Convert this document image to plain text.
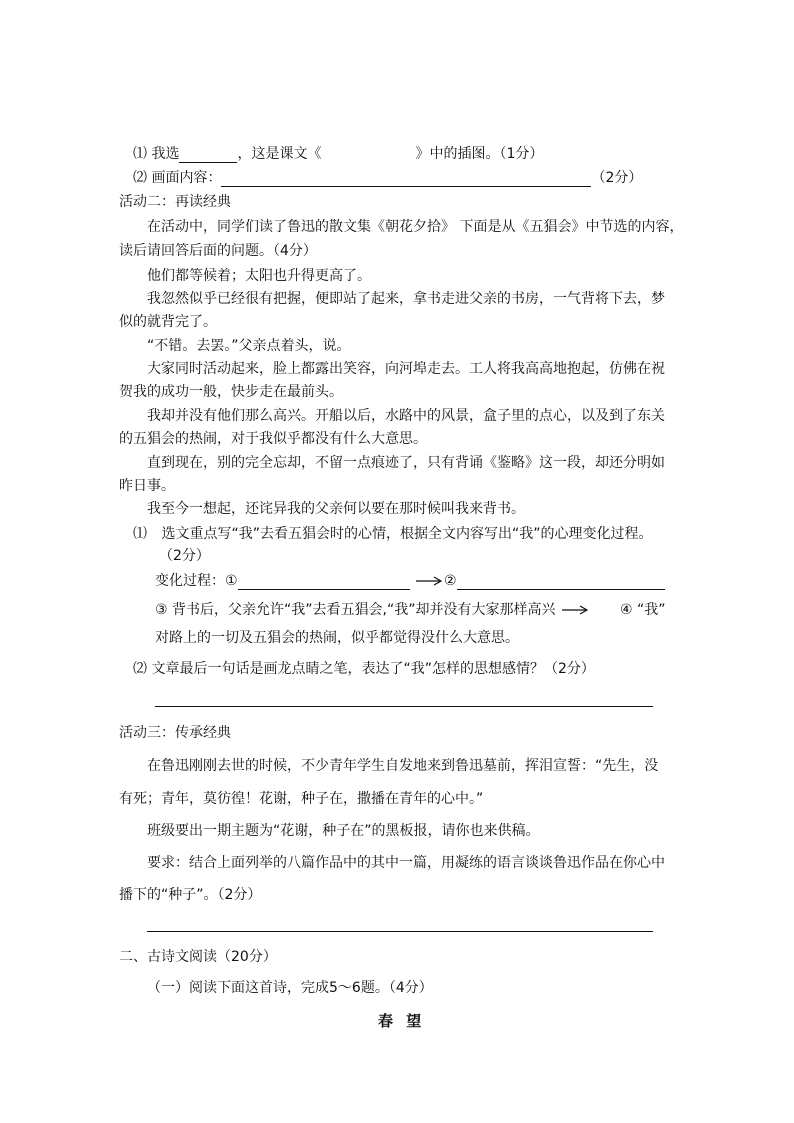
⑴ 我选	，这是课文《	》中的插图。（1分）
⑵ 画面内容：	（2分）
活动二：再读经典
在活动中，同学们读了鲁迅的散文集《朝花夕拾》 下面是从《五猖会》中节选的内容，
读后请回答后面的问题。（4分）
他们都等候着；太阳也升得更高了。
我忽然似乎已经很有把握，便即站了起来，拿书走进父亲的书房，一气背将下去，梦
似的就背完了。
“不错。去罢。”父亲点着头，说。
大家同时活动起来，脸上都露出笑容，向河埠走去。工人将我高高地抱起，仿佛在祝
贺我的成功一般，快步走在最前头。
我却并没有他们那么高兴。开船以后，水路中的风景，盒子里的点心，以及到了东关
的五猖会的热闹，对于我似乎都没有什么大意思。
直到现在，别的完全忘却，不留一点痕迹了，只有背诵《鉴略》这一段，却还分明如
昨日事。
我至今一想起，还诧异我的父亲何以要在那时候叫我来背书。
⑴ 选文重点写“我”去看五猖会时的心情，根据全文内容写出“我”的心理变化过程。
（2分）
变化过程：①	②
③ 背书后，父亲允许“我”去看五猖会,“我”却并没有大家那样高兴	④ “我”
对路上的一切及五猖会的热闹，似乎都觉得没什么大意思。
⑵ 文章最后一句话是画龙点睛之笔，表达了“我”怎样的思想感情？（2分）
活动三：传承经典
在鲁迅刚刚去世的时候，不少青年学生自发地来到鲁迅墓前，挥泪宣誓：“先生，没
有死；青年，莫彷徨！花谢，种子在，撒播在青年的心中。”
班级要出一期主题为“花谢，种子在”的黑板报，请你也来供稿。
要求：结合上面列举的八篇作品中的其中一篇，用凝练的语言谈谈鲁迅作品在你心中
播下的“种子”。（2分）
二、古诗文阅读（20分）
（一）阅读下面这首诗，完成5～6题。（4分）
春 望
